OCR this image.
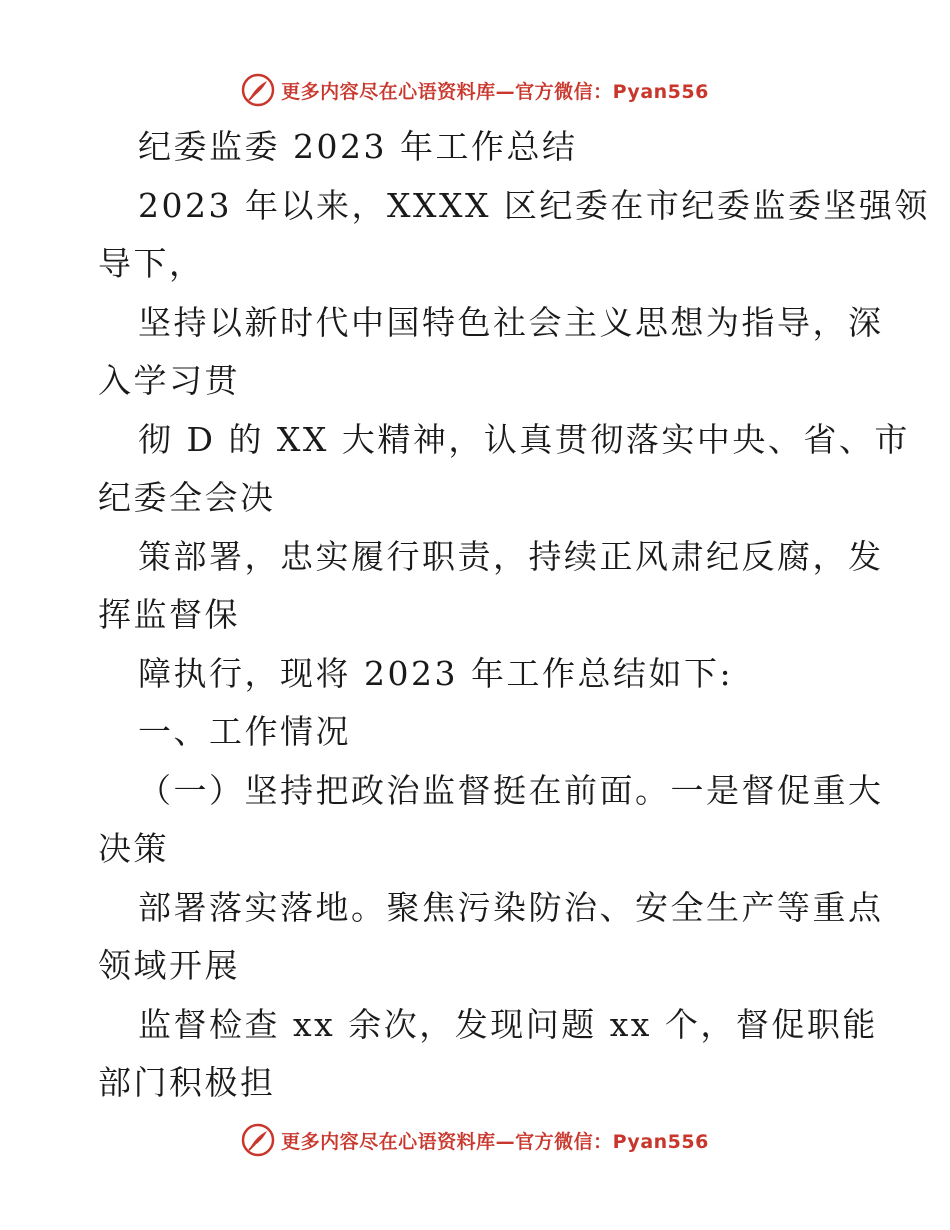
更多内容尽在心语资料库—官方微信：Pyan556
纪委监委 2023 年工作总结
2023 年以来，XXXX 区纪委在市纪委监委坚强领
导下，
坚持以新时代中国特色社会主义思想为指导，深
入学习贯
彻 D 的 XX 大精神，认真贯彻落实中央、省、市
纪委全会决
策部署，忠实履行职责，持续正风肃纪反腐，发
挥监督保
障执行，现将 2023 年工作总结如下:
一、工作情况
（一）坚持把政治监督挺在前面。一是督促重大
决策
部署落实落地。聚焦污染防治、安全生产等重点
领域开展
监督检查 xx 余次，发现问题 xx 个，督促职能
部门积极担
更多内容尽在心语资料库—官方微信：Pyan556
